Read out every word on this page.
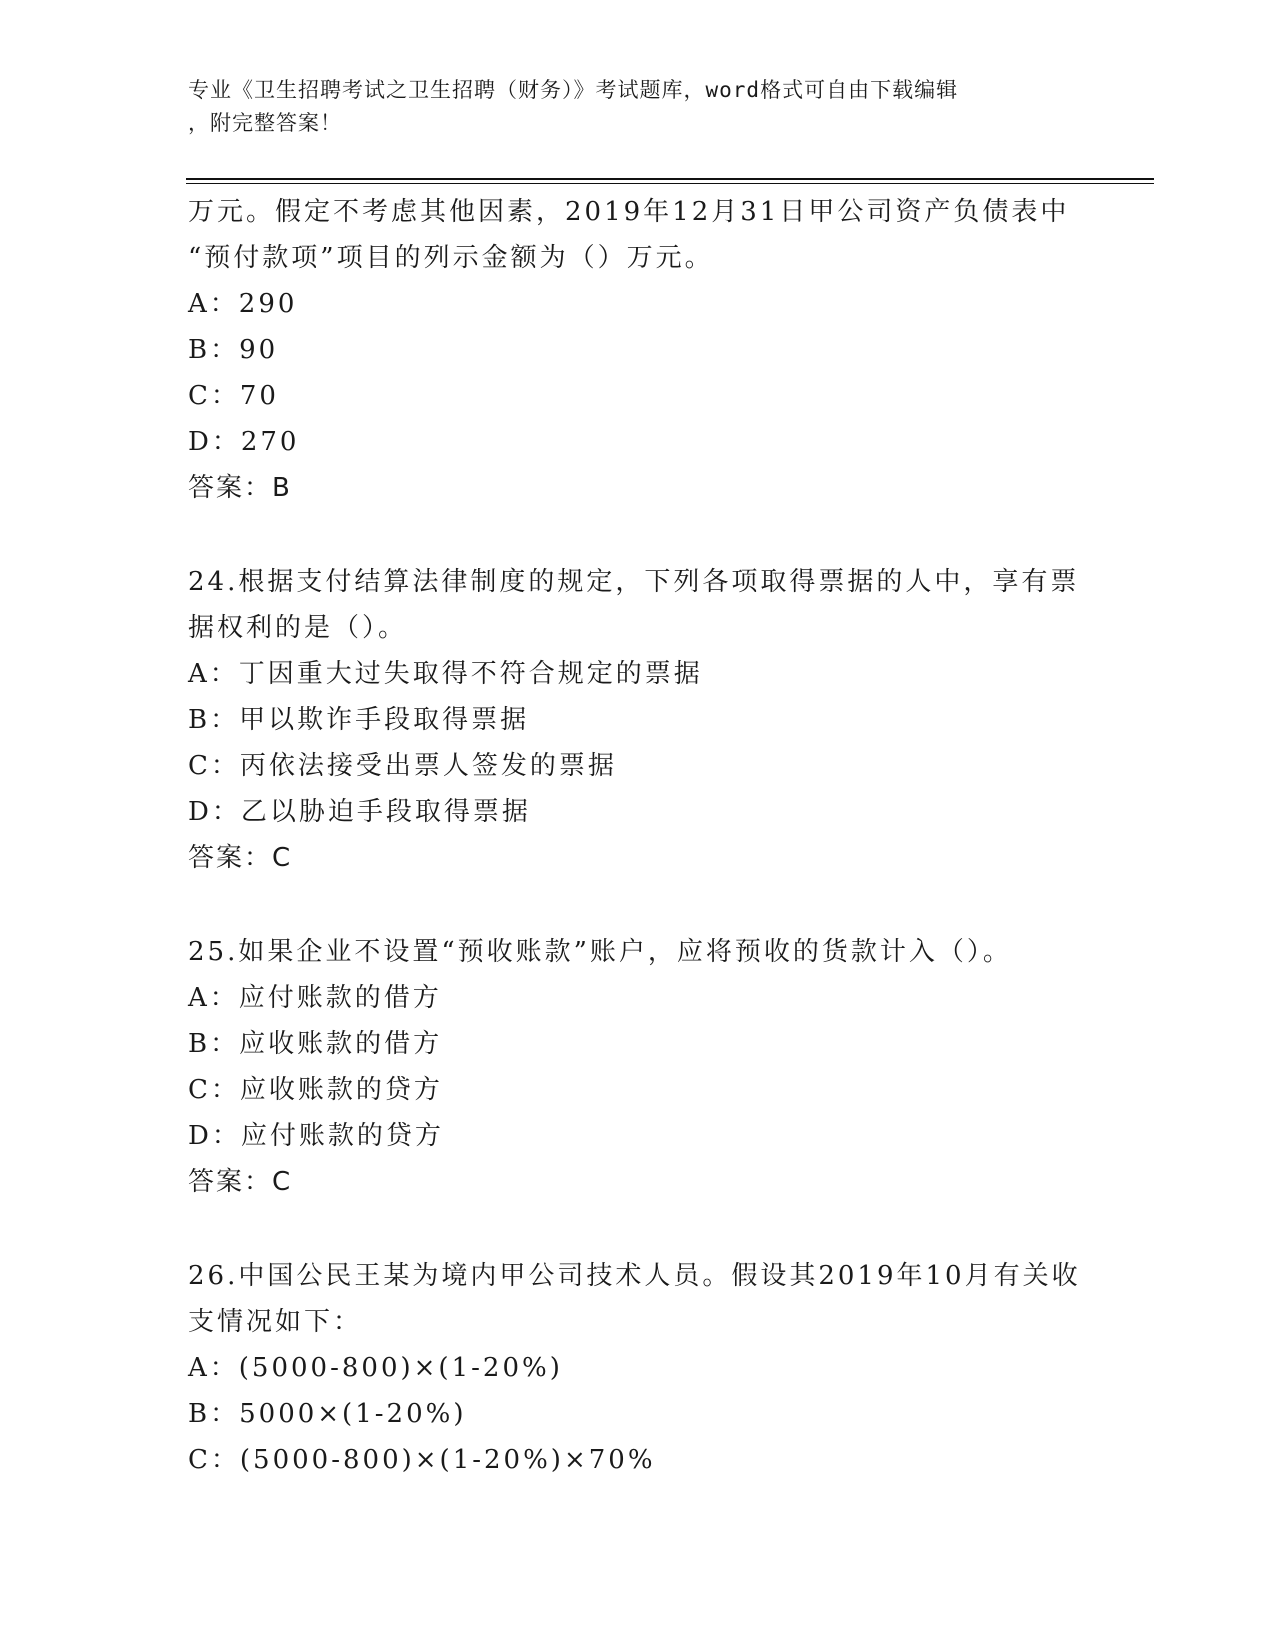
专业《卫生招聘考试之卫生招聘（财务）》考试题库，word格式可自由下载编辑
，附完整答案！
万元。假定不考虑其他因素，2019年12月31日甲公司资产负债表中
“预付款项”项目的列示金额为（）万元。
A：290
B：90
C：70
D：270
答案：B
24.根据支付结算法律制度的规定，下列各项取得票据的人中，享有票
据权利的是（）。
A：丁因重大过失取得不符合规定的票据
B：甲以欺诈手段取得票据
C：丙依法接受出票人签发的票据
D：乙以胁迫手段取得票据
答案：C
25.如果企业不设置“预收账款”账户，应将预收的货款计入（）。
A：应付账款的借方
B：应收账款的借方
C：应收账款的贷方
D：应付账款的贷方
答案：C
26.中国公民王某为境内甲公司技术人员。假设其2019年10月有关收
支情况如下：
A：(5000-800)×(1-20%)
B：5000×(1-20%)
C：(5000-800)×(1-20%)×70%
